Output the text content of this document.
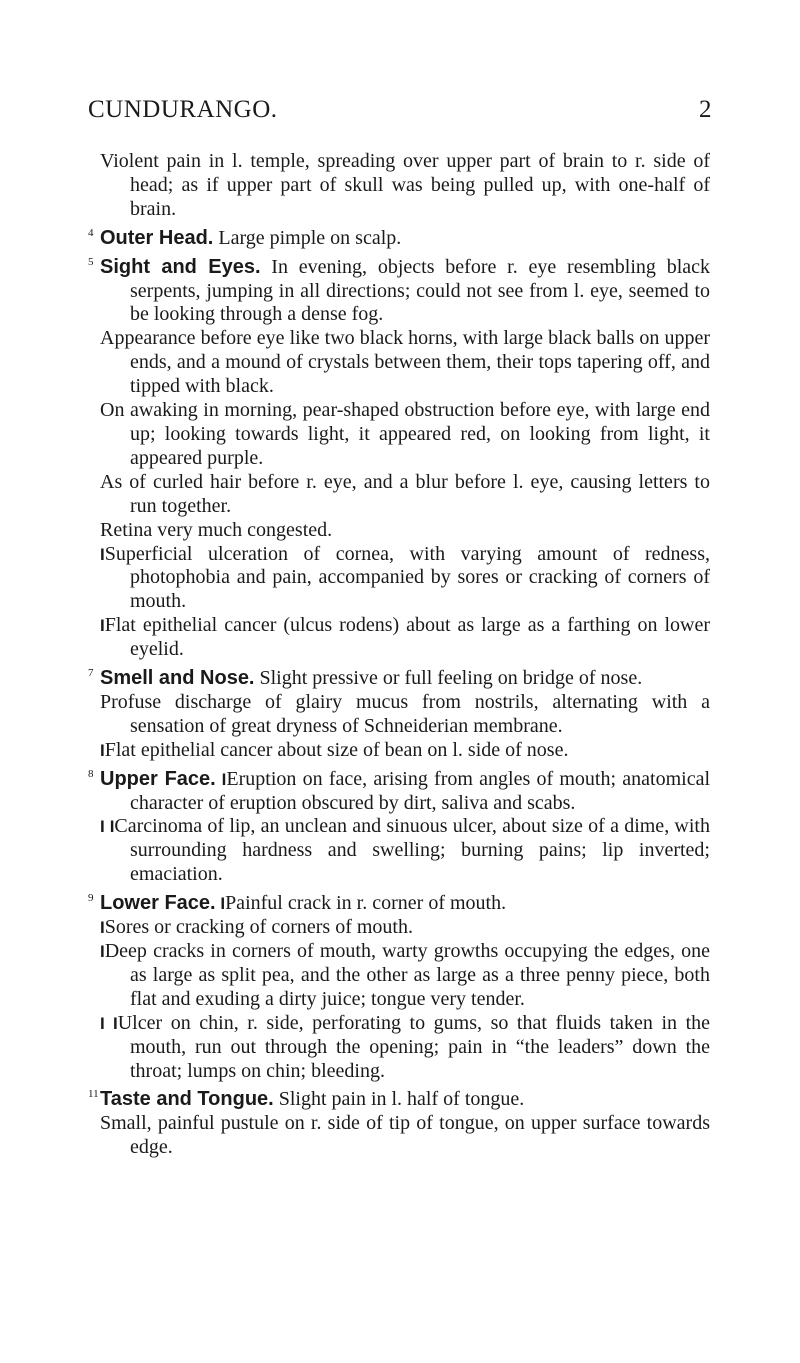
CUNDURANGO.	2

Violent pain in l. temple, spreading over upper part of brain to r. side of head; as if upper part of skull was being pulled up, with one-half of brain.

4 Outer Head. Large pimple on scalp.

5 Sight and Eyes. In evening, objects before r. eye resembling black serpents, jumping in all directions; could not see from l. eye, seemed to be looking through a dense fog.

Appearance before eye like two black horns, with large black balls on upper ends, and a mound of crystals between them, their tops tapering off, and tipped with black.

On awaking in morning, pear-shaped obstruction before eye, with large end up; looking towards light, it appeared red, on looking from light, it appeared purple.

As of curled hair before r. eye, and a blur before l. eye, causing letters to run together.

Retina very much congested.

ISuperficial ulceration of cornea, with varying amount of redness, photophobia and pain, accompanied by sores or cracking of corners of mouth.

IFlat epithelial cancer (ulcus rodens) about as large as a farthing on lower eyelid.

7 Smell and Nose. Slight pressive or full feeling on bridge of nose.

Profuse discharge of glairy mucus from nostrils, alternating with a sensation of great dryness of Schneiderian membrane.

IFlat epithelial cancer about size of bean on l. side of nose.

8 Upper Face. IEruption on face, arising from angles of mouth; anatomical character of eruption obscured by dirt, saliva and scabs.

I ICarcinoma of lip, an unclean and sinuous ulcer, about size of a dime, with surrounding hardness and swelling; burning pains; lip inverted; emaciation.

9 Lower Face. IPainful crack in r. corner of mouth.

ISores or cracking of corners of mouth.

IDeep cracks in corners of mouth, warty growths occupying the edges, one as large as split pea, and the other as large as a three penny piece, both flat and exuding a dirty juice; tongue very tender.

I IUlcer on chin, r. side, perforating to gums, so that fluids taken in the mouth, run out through the opening; pain in “the leaders” down the throat; lumps on chin; bleeding.

11Taste and Tongue. Slight pain in l. half of tongue.

Small, painful pustule on r. side of tip of tongue, on upper surface towards edge.
